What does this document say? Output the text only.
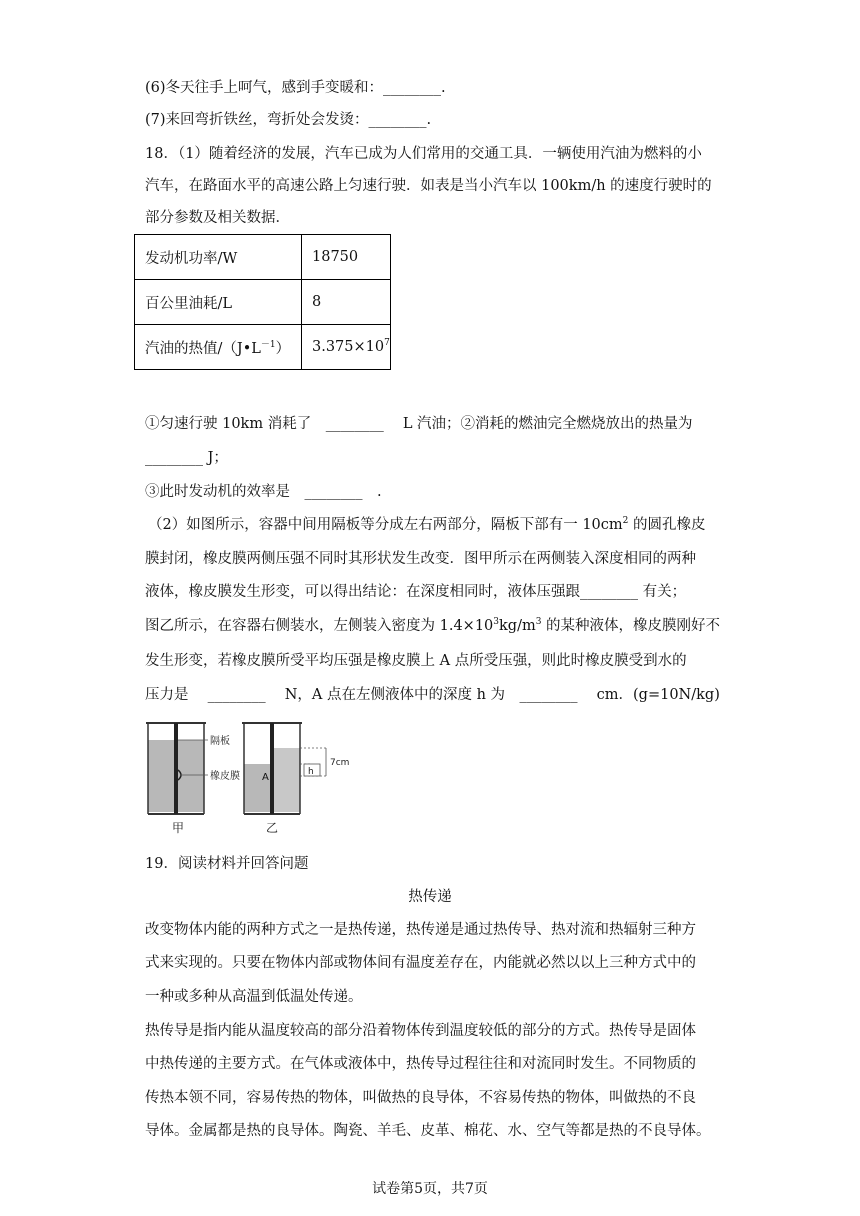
(6)冬天往手上呵气，感到手变暖和：________.
(7)来回弯折铁丝，弯折处会发烫：________.
18．（1）随着经济的发展，汽车已成为人们常用的交通工具．一辆使用汽油为燃料的小
汽车，在路面水平的高速公路上匀速行驶．如表是当小汽车以 100km/h 的速度行驶时的
部分参数及相关数据．
发动机功率/W	18750
百公里油耗/L	8
汽油的热值$/(J•L^{-1})$	$3.375\times 10^7$
①匀速行驶 10km 消耗了　________　 L 汽油；②消耗的燃油完全燃烧放出的热量为
________ J；
③此时发动机的效率是　________　.
（2）如图所示，容器中间用隔板等分成左右两部分，隔板下部有一 $10cm^2$ 的圆孔橡皮
膜封闭，橡皮膜两侧压强不同时其形状发生改变．图甲所示在两侧装入深度相同的两种
液体，橡皮膜发生形变，可以得出结论：在深度相同时，液体压强跟________ 有关；
图乙所示，在容器右侧装水，左侧装入密度为 $1.4\times 10^3kg/m^3$ 的某种液体，橡皮膜刚好不
发生形变，若橡皮膜所受平均压强是橡皮膜上 A 点所受压强，则此时橡皮膜受到水的
压力是　 ________　 N，A 点在左侧液体中的深度 h 为　________　 cm．(g=10N/kg)
隔板
橡皮膜
甲
A	h
7cm
乙
19．阅读材料并回答问题
热传递
改变物体内能的两种方式之一是热传递，热传递是通过热传导、热对流和热辐射三种方
式来实现的。只要在物体内部或物体间有温度差存在，内能就必然以以上三种方式中的
一种或多种从高温到低温处传递。
热传导是指内能从温度较高的部分沿着物体传到温度较低的部分的方式。热传导是固体
中热传递的主要方式。在气体或液体中，热传导过程往往和对流同时发生。不同物质的
传热本领不同，容易传热的物体，叫做热的良导体，不容易传热的物体，叫做热的不良
导体。金属都是热的良导体。陶瓷、羊毛、皮革、棉花、水、空气等都是热的不良导体。
试卷第5页，共7页
